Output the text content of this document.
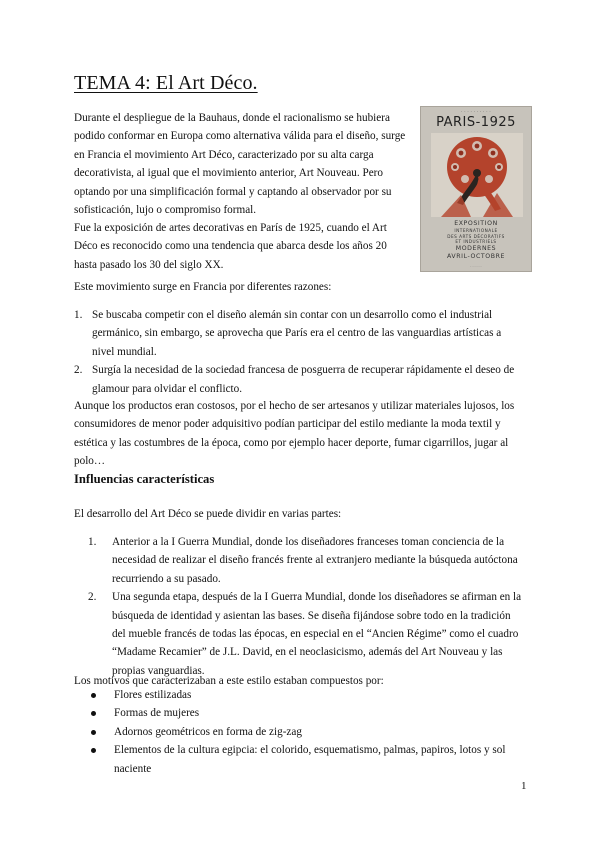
TEMA 4: El Art Déco.

Durante el despliegue de la Bauhaus, donde el racionalismo se hubiera podido conformar en Europa como alternativa válida para el diseño, surge en Francia el movimiento Art Déco, caracterizado por su alta carga decorativista, al igual que el movimiento anterior, Art Nouveau. Pero optando por una simplificación formal y captando al observador por su sofisticación, lujo o compromiso formal.

Fue la exposición de artes decorativas en París de 1925, cuando el Art Déco es reconocido como una tendencia que abarca desde los años 20 hasta pasado los 30 del siglo XX.

· · · · · · · · · ·
PARIS-1925
EXPOSITION
INTERNATIONALE
DES ARTS DÉCORATIFS
ET INDUSTRIELS
MODERNES
AVRIL-OCTOBRE
· · · · · ·

Este movimiento surge en Francia por diferentes razones:

1. Se buscaba competir con el diseño alemán sin contar con un desarrollo como el industrial germánico, sin embargo, se aprovecha que París era el centro de las vanguardias artísticas a nivel mundial.
2. Surgía la necesidad de la sociedad francesa de posguerra de recuperar rápidamente el deseo de glamour para olvidar el conflicto.

Aunque los productos eran costosos, por el hecho de ser artesanos y utilizar materiales lujosos, los consumidores de menor poder adquisitivo podían participar del estilo mediante la moda textil y estética y las costumbres de la época, como por ejemplo hacer deporte, fumar cigarrillos, jugar al polo…

Influencias características

El desarrollo del Art Déco se puede dividir en varias partes:

1. Anterior a la I Guerra Mundial, donde los diseñadores franceses toman conciencia de la necesidad de realizar el diseño francés frente al extranjero mediante la búsqueda autóctona recurriendo a su pasado.
2. Una segunda etapa, después de la I Guerra Mundial, donde los diseñadores se afirman en la búsqueda de identidad y asientan las bases. Se diseña fijándose sobre todo en la tradición del mueble francés de todas las épocas, en especial en el “Ancien Régime” como el cuadro “Madame Recamier” de J.L. David, en el neoclasicismo, además del Art Nouveau y las propias vanguardias.

Los motivos que caracterizaban a este estilo estaban compuestos por:

Flores estilizadas
Formas de mujeres
Adornos geométricos en forma de zig-zag
Elementos de la cultura egipcia: el colorido, esquematismo, palmas, papiros, lotos y sol naciente
1
